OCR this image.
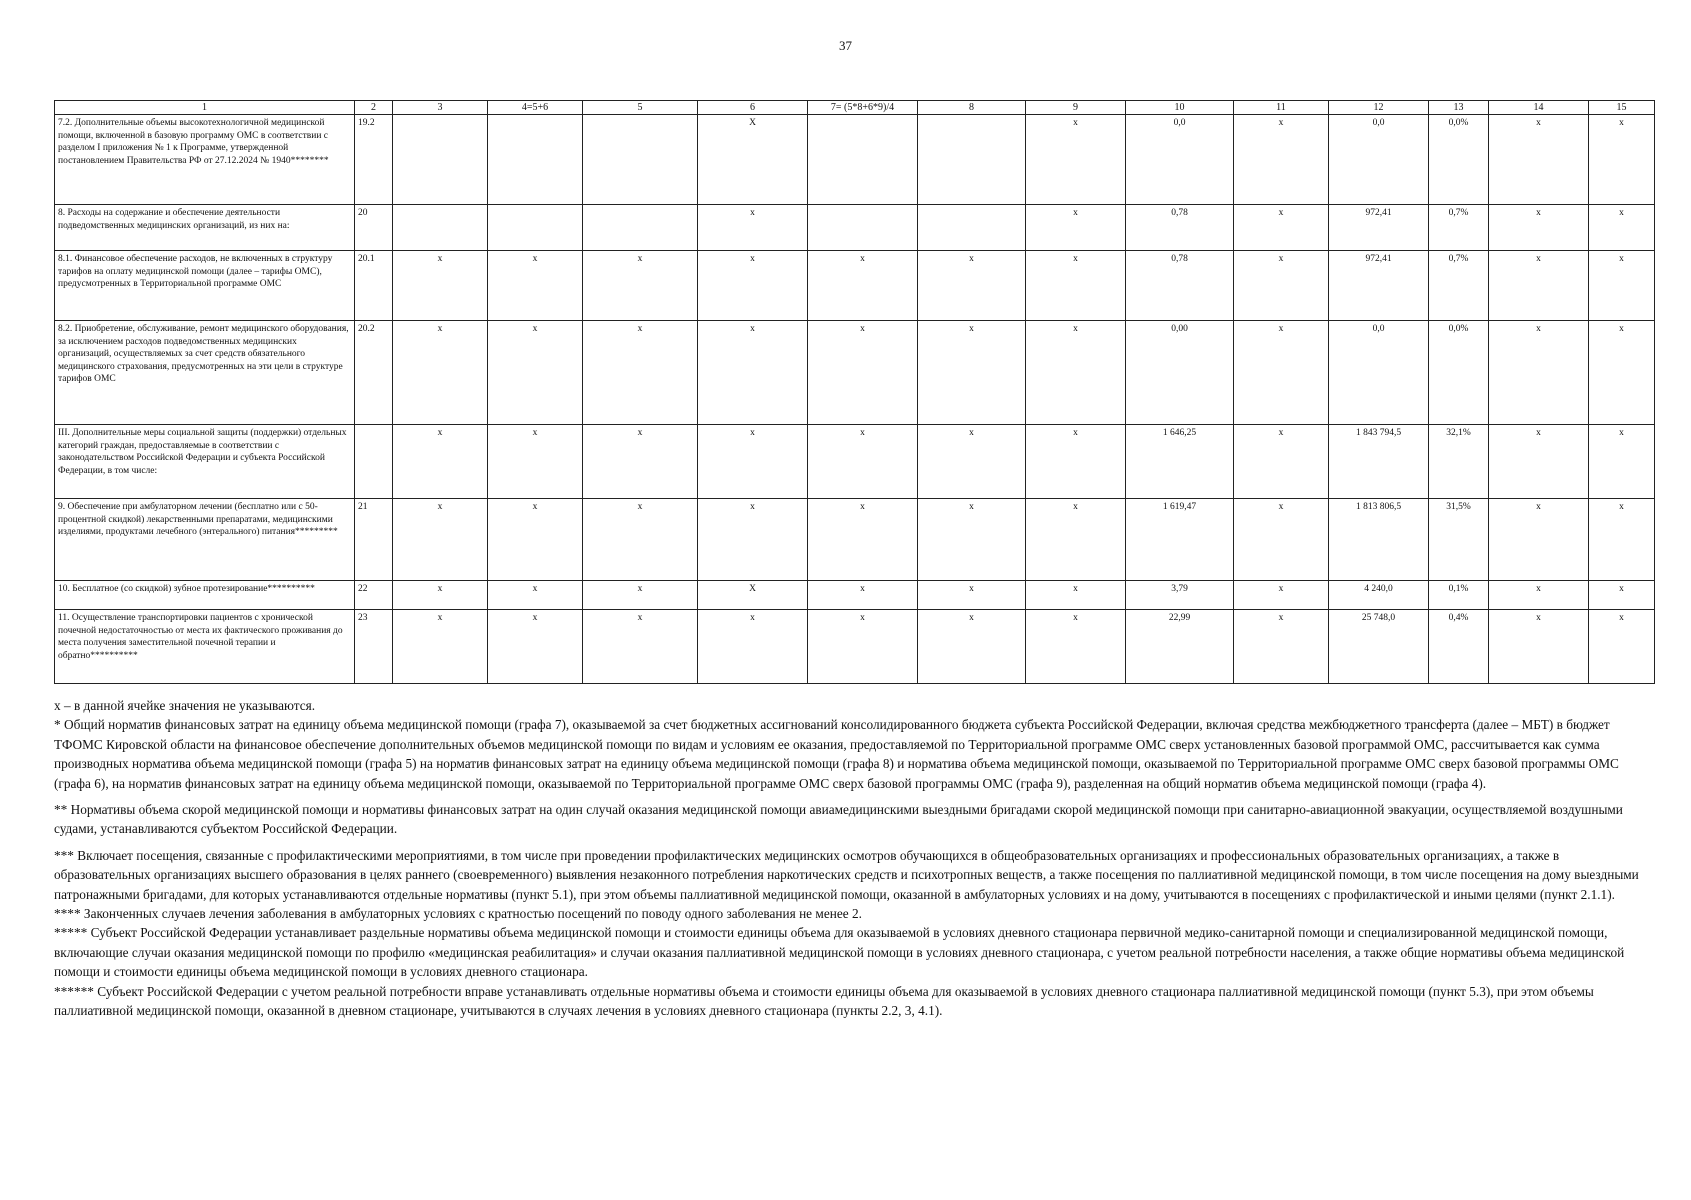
37
1	2	3	4=5+6	5	6	7= (5*8+6*9)/4	8	9	10	11	12	13	14	15
7.2. Дополнительные объемы высокотехнологичной медицинской помощи, включенной в базовую программу ОМС в соответствии с разделом I приложения № 1 к Программе, утвержденной постановлением Правительства РФ от 27.12.2024 № 1940********	19.2				X			x	0,0	x	0,0	0,0%	x	x
8. Расходы на содержание и обеспечение деятельности подведомственных медицинских организаций, из них на:	20				x			x	0,78	x	972,41	0,7%	x	x
8.1. Финансовое обеспечение расходов, не включенных в структуру тарифов на оплату медицинской помощи (далее – тарифы ОМС), предусмотренных в Территориальной программе ОМС	20.1	x	x	x	x	x	x	x	0,78	x	972,41	0,7%	x	x
8.2. Приобретение, обслуживание, ремонт медицинского оборудования, за исключением расходов подведомственных медицинских организаций, осуществляемых за счет средств обязательного медицинского страхования, предусмотренных на эти цели в структуре тарифов ОМС	20.2	x	x	x	x	x	x	x	0,00	x	0,0	0,0%	x	x
III. Дополнительные меры социальной защиты (поддержки) отдельных категорий граждан, предоставляемые в соответствии с законодательством Российской Федерации и субъекта Российской Федерации, в том числе:		x	x	x	x	x	x	x	1 646,25	x	1 843 794,5	32,1%	x	x
9. Обеспечение при амбулаторном лечении (бесплатно или с 50-процентной скидкой) лекарственными препаратами, медицинскими изделиями, продуктами лечебного (энтерального) питания*********	21	x	x	x	x	x	x	x	1 619,47	x	1 813 806,5	31,5%	x	x
10. Бесплатное (со скидкой) зубное протезирование**********	22	x	x	x	X	x	x	x	3,79	x	4 240,0	0,1%	x	x
11. Осуществление транспортировки пациентов с хронической почечной недостаточностью от места их фактического проживания до места получения заместительной почечной терапии и обратно**********	23	x	x	x	x	x	x	x	22,99	x	25 748,0	0,4%	x	x

х – в данной ячейке значения не указываются.

* Общий норматив финансовых затрат на единицу объема медицинской помощи (графа 7), оказываемой за счет бюджетных ассигнований консолидированного бюджета субъекта Российской Федерации, включая средства межбюджетного трансферта (далее – МБТ) в бюджет ТФОМС Кировской области на финансовое обеспечение дополнительных объемов медицинской помощи по видам и условиям ее оказания, предоставляемой по Территориальной программе ОМС сверх установленных базовой программой ОМС, рассчитывается как сумма производных норматива объема медицинской помощи (графа 5) на норматив финансовых затрат на единицу объема медицинской помощи (графа 8) и норматива объема медицинской помощи, оказываемой по Территориальной программе ОМС сверх базовой программы ОМС (графа 6), на норматив финансовых затрат на единицу объема медицинской помощи, оказываемой по Территориальной программе ОМС сверх базовой программы ОМС (графа 9), разделенная на общий норматив объема медицинской помощи (графа 4).

** Нормативы объема скорой медицинской помощи и нормативы финансовых затрат на один случай оказания медицинской помощи авиамедицинскими выездными бригадами скорой медицинской помощи при санитарно-авиационной эвакуации, осуществляемой воздушными судами, устанавливаются субъектом Российской Федерации.

*** Включает посещения, связанные с профилактическими мероприятиями, в том числе при проведении профилактических медицинских осмотров обучающихся в общеобразовательных организациях и профессиональных образовательных организациях, а также в образовательных организациях высшего образования в целях раннего (своевременного) выявления незаконного потребления наркотических средств и психотропных веществ, а также посещения по паллиативной медицинской помощи, в том числе посещения на дому выездными патронажными бригадами, для которых устанавливаются отдельные нормативы (пункт 5.1), при этом объемы паллиативной медицинской помощи, оказанной в амбулаторных условиях и на дому, учитываются в посещениях с профилактической и иными целями (пункт 2.1.1).

**** Законченных случаев лечения заболевания в амбулаторных условиях с кратностью посещений по поводу одного заболевания не менее 2.

***** Субъект Российской Федерации устанавливает раздельные нормативы объема медицинской помощи и стоимости единицы объема для оказываемой в условиях дневного стационара первичной медико-санитарной помощи и специализированной медицинской помощи, включающие случаи оказания медицинской помощи по профилю «медицинская реабилитация» и случаи оказания паллиативной медицинской помощи в условиях дневного стационара, с учетом реальной потребности населения, а также общие нормативы объема медицинской помощи и стоимости единицы объема медицинской помощи в условиях дневного стационара.

****** Субъект Российской Федерации с учетом реальной потребности вправе устанавливать отдельные нормативы объема и стоимости единицы объема для оказываемой в условиях дневного стационара паллиативной медицинской помощи (пункт 5.3), при этом объемы паллиативной медицинской помощи, оказанной в дневном стационаре, учитываются в случаях лечения в условиях дневного стационара (пункты 2.2, 3, 4.1).
